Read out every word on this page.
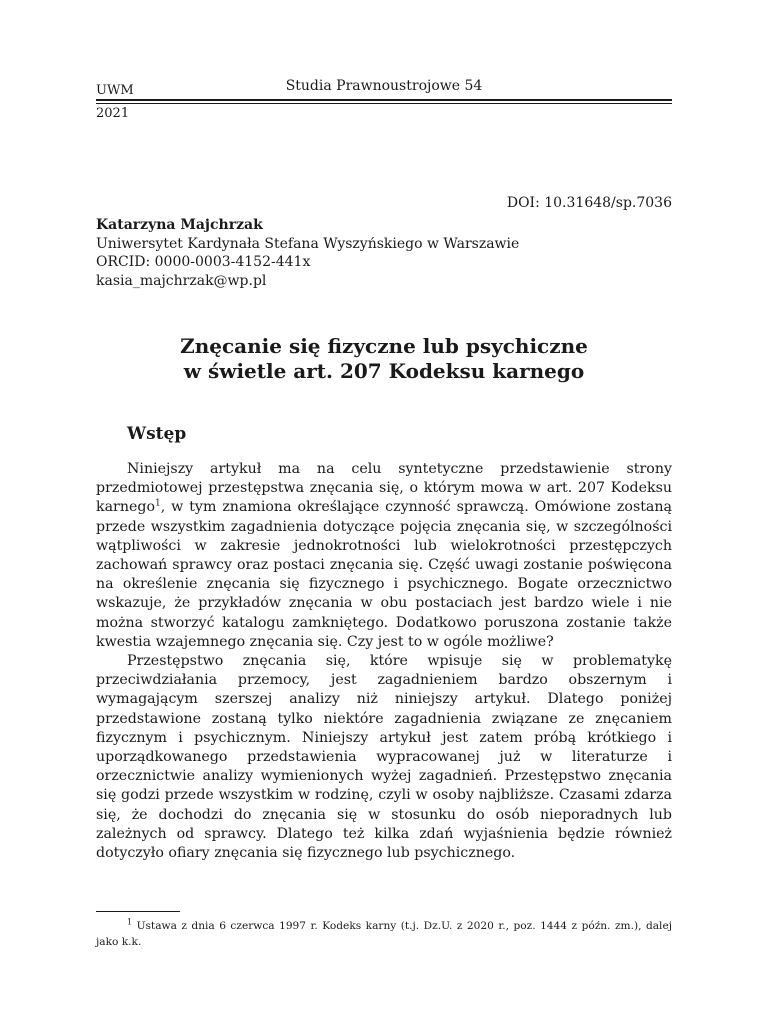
UWM	Studia Prawnoustrojowe 54
2021
DOI: 10.31648/sp.7036
Katarzyna Majchrzak
Uniwersytet Kardynała Stefana Wyszyńskiego w Warszawie
ORCID: 0000-0003-4152-441x
kasia_majchrzak@wp.pl
Znęcanie się fizyczne lub psychiczne
w świetle art. 207 Kodeksu karnego
Wstęp

Niniejszy artykuł ma na celu syntetyczne przedstawienie strony przedmiotowej przestępstwa znęcania się, o którym mowa w art. 207 Kodeksu karnego$^1$, w tym znamiona określające czynność sprawczą. Omówione zostaną przede wszystkim zagadnienia dotyczące pojęcia znęcania się, w szczególności wątpliwości w zakresie jednokrotności lub wielokrotności przestępczych zachowań sprawcy oraz postaci znęcania się. Część uwagi zostanie poświęcona na określenie znęcania się fizycznego i psychicznego. Bogate orzecznictwo wskazuje, że przykładów znęcania w obu postaciach jest bardzo wiele i nie można stworzyć katalogu zamkniętego. Dodatkowo poruszona zostanie także kwestia wzajemnego znęcania się. Czy jest to w ogóle możliwe?

Przestępstwo znęcania się, które wpisuje się w problematykę przeciwdziałania przemocy, jest zagadnieniem bardzo obszernym i wymagającym szerszej analizy niż niniejszy artykuł. Dlatego poniżej przedstawione zostaną tylko niektóre zagadnienia związane ze znęcaniem fizycznym i psychicznym. Niniejszy artykuł jest zatem próbą krótkiego i uporządkowanego przedstawienia wypracowanej już w literaturze i orzecznictwie analizy wymienionych wyżej zagadnień. Przestępstwo znęcania się godzi przede wszystkim w rodzinę, czyli w osoby najbliższe. Czasami zdarza się, że dochodzi do znęcania się w stosunku do osób nieporadnych lub zależnych od sprawcy. Dlatego też kilka zdań wyjaśnienia będzie również dotyczyło ofiary znęcania się fizycznego lub psychicznego.

$^1$ Ustawa z dnia 6 czerwca 1997 r. Kodeks karny (t.j. Dz.U. z 2020 r., poz. 1444 z późn. zm.), dalej jako k.k.
